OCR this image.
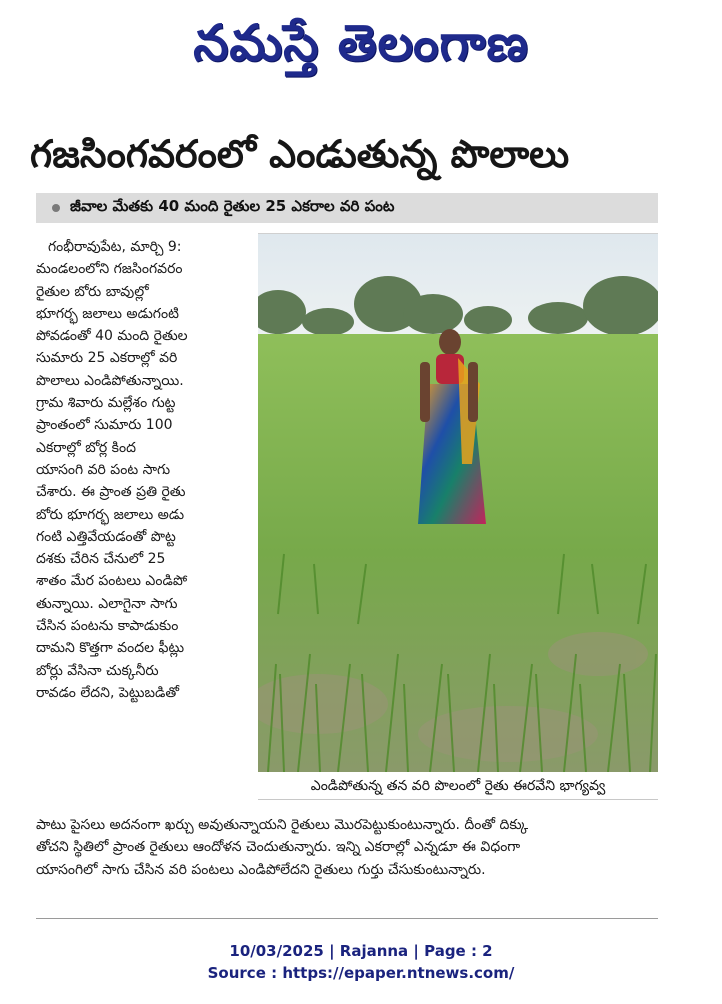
నమస్తే తెలంగాణ
గజసింగవరంలో ఎండుతున్న పొలాలు
జీవాల మేతకు 40 మంది రైతుల 25 ఎకరాల వరి పంట

గంభీరావుపేట, మార్చి 9:

మండలంలోని గజసింగవరం

రైతుల బోరు బావుల్లో

భూగర్భ జలాలు అడుగంటి

పోవడంతో 40 మంది రైతుల

సుమారు 25 ఎకరాల్లో వరి

పొలాలు ఎండిపోతున్నాయి.

గ్రామ శివారు మల్లేశం గుట్ట

ప్రాంతంలో సుమారు 100

ఎకరాల్లో బోర్ల కింద

యాసంగి వరి పంట సాగు

చేశారు. ఈ ప్రాంత ప్రతి రైతు

బోరు భూగర్భ జలాలు అడు

గంటి ఎత్తివేయడంతో పొట్ట

దశకు చేరిన చేనులో 25

శాతం మేర పంటలు ఎండిపో

తున్నాయి. ఎలాగైనా సాగు

చేసిన పంటను కాపాడుకుం

దామని కొత్తగా వందల ఫీట్లు

బోర్లు వేసినా చుక్కనీరు

రావడం లేదని, పెట్టుబడితో

ఎండిపోతున్న తన వరి పొలంలో రైతు ఈరవేని భాగ్యవ్వ

పాటు పైసలు అదనంగా ఖర్చు అవుతున్నాయని రైతులు మొరపెట్టుకుంటున్నారు. దీంతో దిక్కు

తోచని స్థితిలో ప్రాంత రైతులు ఆందోళన చెందుతున్నారు. ఇన్ని ఎకరాల్లో ఎన్నడూ ఈ విధంగా

యాసంగిలో సాగు చేసిన వరి పంటలు ఎండిపోలేదని రైతులు గుర్తు చేసుకుంటున్నారు.

10/03/2025 | Rajanna | Page : 2
Source : https://epaper.ntnews.com/
